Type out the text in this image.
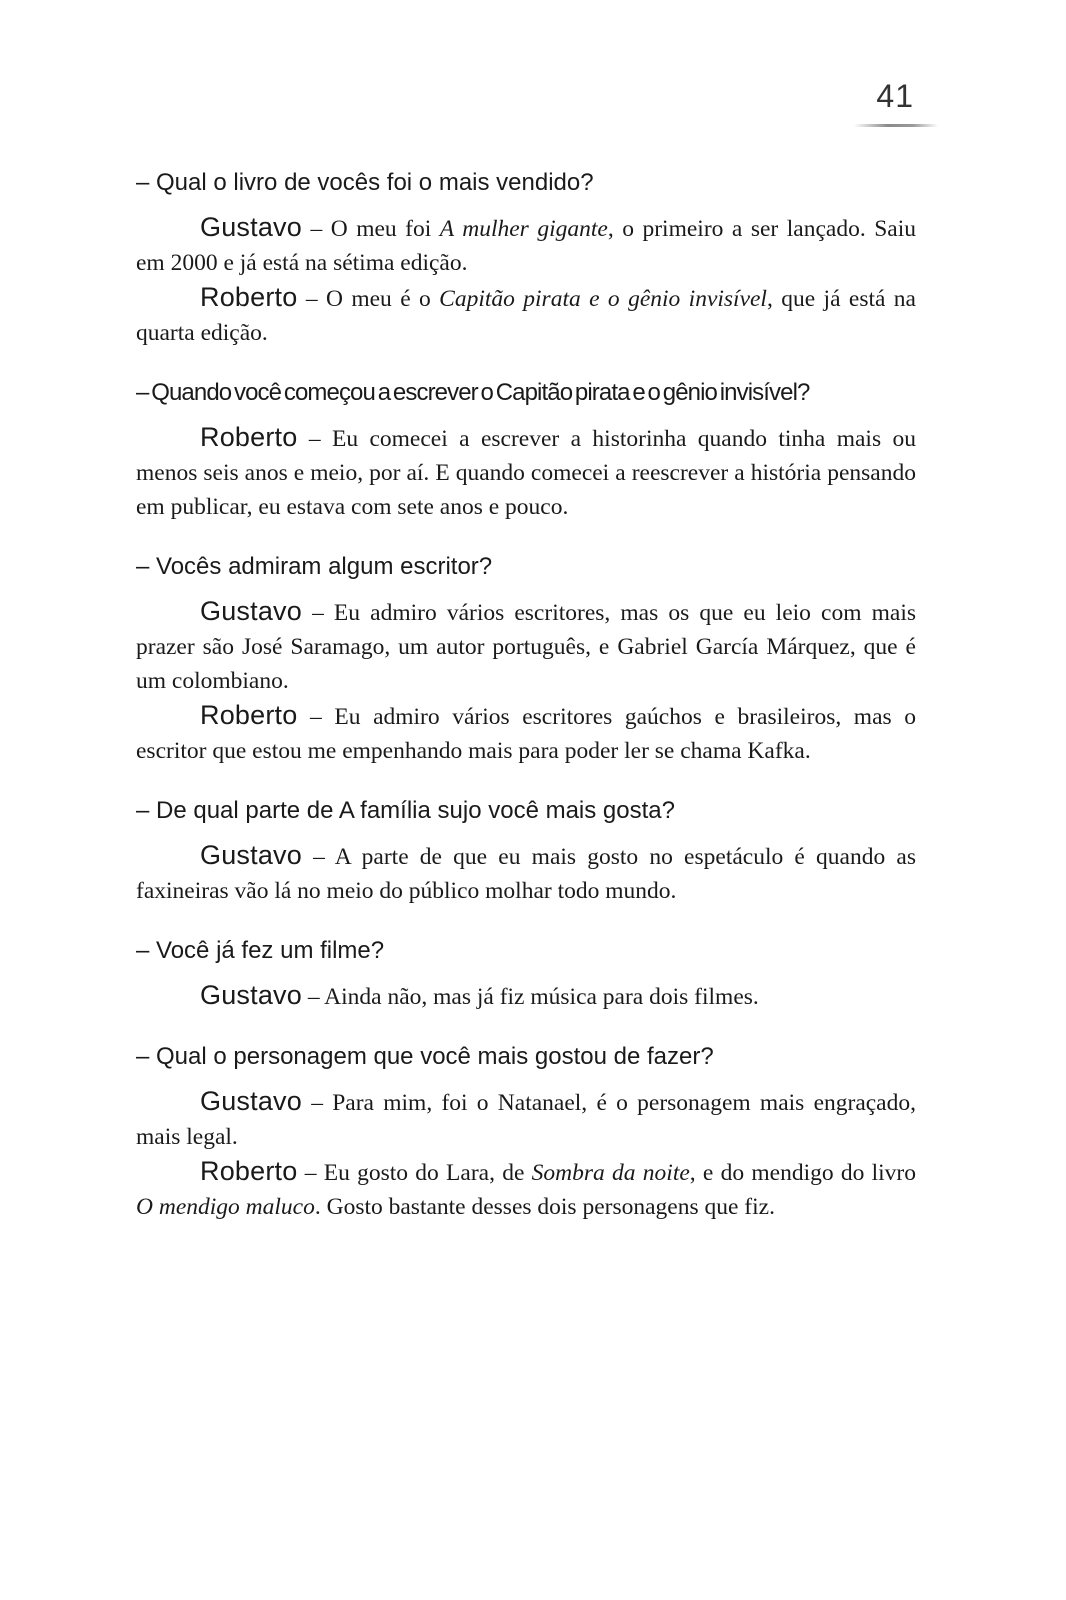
41

– Qual o livro de vocês foi o mais vendido?

Gustavo – O meu foi A mulher gigante, o primeiro a ser lançado. Saiu em 2000 e já está na sétima edição.

Roberto – O meu é o Capitão pirata e o gênio invisível, que já está na quarta edição.

– Quando você começou a escrever o Capitão pirata e o gênio invisível?

Roberto – Eu comecei a escrever a historinha quando tinha mais ou menos seis anos e meio, por aí. E quando comecei a reescrever a história pensando em publicar, eu estava com sete anos e pouco.

– Vocês admiram algum escritor?

Gustavo – Eu admiro vários escritores, mas os que eu leio com mais prazer são José Saramago, um autor português, e Gabriel García Márquez, que é um colombiano.

Roberto – Eu admiro vários escritores gaúchos e brasileiros, mas o escritor que estou me empenhando mais para poder ler se chama Kafka.

– De qual parte de A família sujo você mais gosta?

Gustavo – A parte de que eu mais gosto no espetáculo é quando as faxineiras vão lá no meio do público molhar todo mundo.

– Você já fez um filme?

Gustavo – Ainda não, mas já fiz música para dois filmes.

– Qual o personagem que você mais gostou de fazer?

Gustavo – Para mim, foi o Natanael, é o personagem mais engraçado, mais legal.

Roberto – Eu gosto do Lara, de Sombra da noite, e do mendigo do livro O mendigo maluco. Gosto bastante desses dois personagens que fiz.
